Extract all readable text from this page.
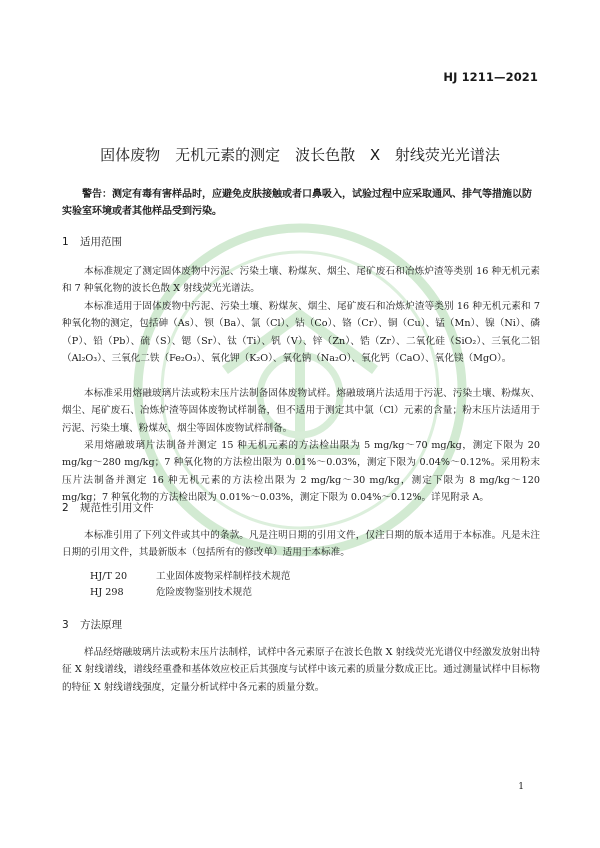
HJ 1211—2021
固体废物　无机元素的测定　波长色散 X 射线荧光光谱法
警告：测定有毒有害样品时，应避免皮肤接触或者口鼻吸入，试验过程中应采取通风、排气等措施以防实验室环境或者其他样品受到污染。
1 适用范围

本标准规定了测定固体废物中污泥、污染土壤、粉煤灰、烟尘、尾矿废石和冶炼炉渣等类别 16 种无机元素和 7 种氧化物的波长色散 X 射线荧光光谱法。

本标准适用于固体废物中污泥、污染土壤、粉煤灰、烟尘、尾矿废石和冶炼炉渣等类别 16 种无机元素和 7 种氧化物的测定，包括砷（As）、钡（Ba）、氯（Cl）、钴（Co）、铬（Cr）、铜（Cu）、锰（Mn）、镍（Ni）、磷（P）、铅（Pb）、硫（S）、锶（Sr）、钛（Ti）、钒（V）、锌（Zn）、锆（Zr）、二氧化硅（SiO₂）、三氧化二铝（Al₂O₃）、三氧化二铁（Fe₂O₃）、氧化钾（K₂O）、氧化钠（Na₂O）、氧化钙（CaO）、氧化镁（MgO）。

本标准采用熔融玻璃片法或粉末压片法制备固体废物试样。熔融玻璃片法适用于污泥、污染土壤、粉煤灰、烟尘、尾矿废石、冶炼炉渣等固体废物试样制备，但不适用于测定其中氯（Cl）元素的含量；粉末压片法适用于污泥、污染土壤、粉煤灰、烟尘等固体废物试样制备。

采用熔融玻璃片法制备并测定 15 种无机元素的方法检出限为 5 mg/kg～70 mg/kg，测定下限为 20 mg/kg～280 mg/kg；7 种氧化物的方法检出限为 0.01%～0.03%，测定下限为 0.04%～0.12%。采用粉末压片法制备并测定 16 种无机元素的方法检出限为 2 mg/kg～30 mg/kg，测定下限为 8 mg/kg～120 mg/kg；7 种氧化物的方法检出限为 0.01%～0.03%，测定下限为 0.04%～0.12%。详见附录 A。

2 规范性引用文件

本标准引用了下列文件或其中的条款。凡是注明日期的引用文件，仅注日期的版本适用于本标准。凡是未注日期的引用文件，其最新版本（包括所有的修改单）适用于本标准。

HJ/T 20	工业固体废物采样制样技术规范
HJ 298	危险废物鉴别技术规范
3 方法原理

样品经熔融玻璃片法或粉末压片法制样，试样中各元素原子在波长色散 X 射线荧光光谱仪中经激发放射出特征 X 射线谱线，谱线经重叠和基体效应校正后其强度与试样中该元素的质量分数成正比。通过测量试样中目标物的特征 X 射线谱线强度，定量分析试样中各元素的质量分数。

1
